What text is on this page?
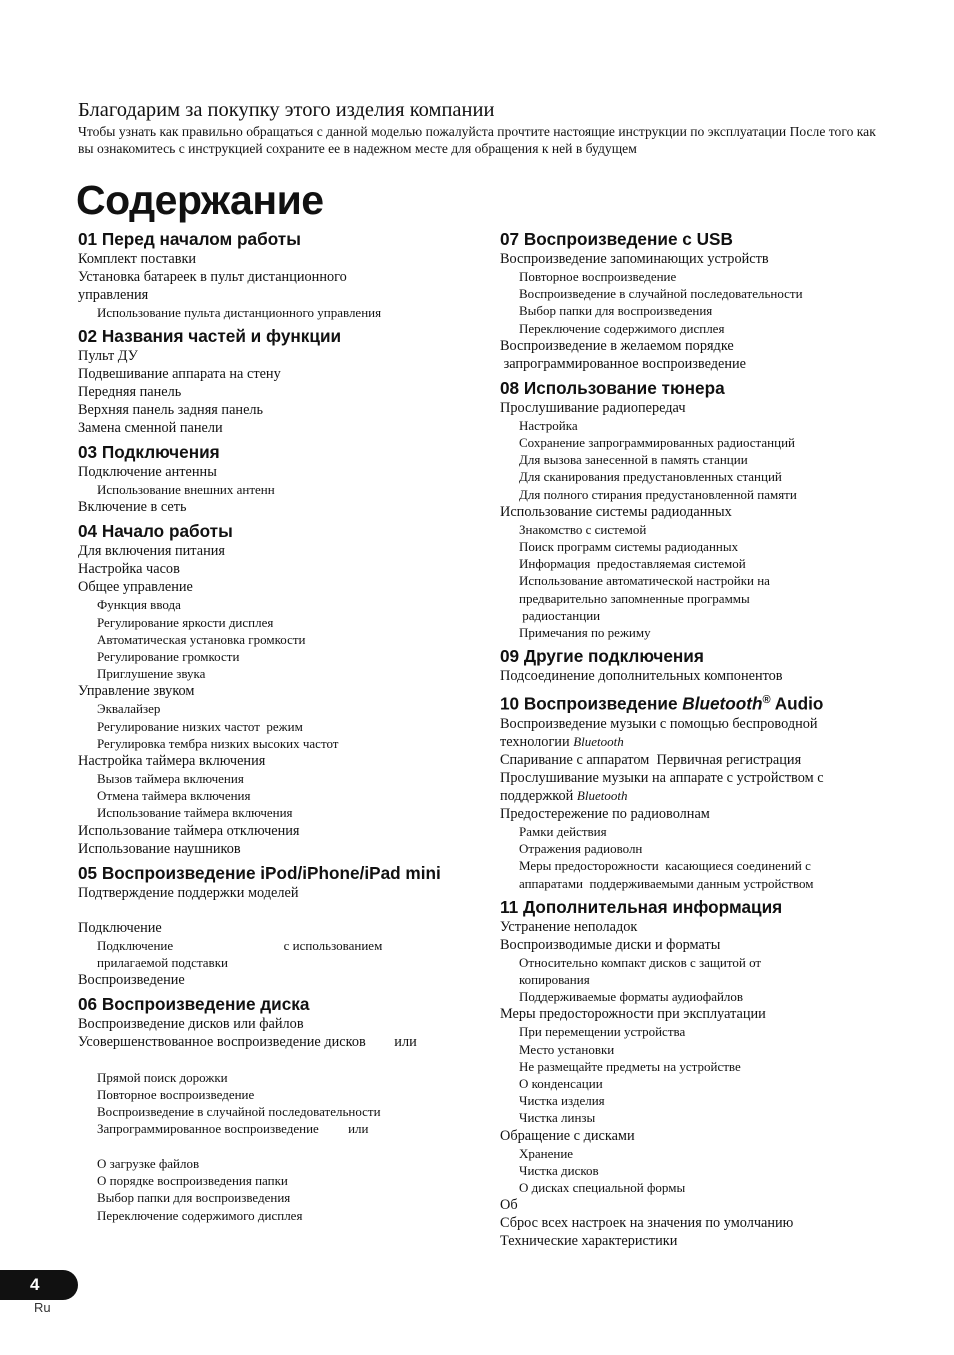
Благодарим за покупку этого изделия компании
Чтобы узнать как правильно обращаться с данной моделью пожалуйста прочтите настоящие инструкции по эксплуатации После того как вы ознакомитесь с инструкцией сохраните ее в надежном месте для обращения к ней в будущем
Содержание
01 Перед началом работы
Комплект поставки
Установка батареек в пульт дистанционного
управления
Использование пульта дистанционного управления
02 Названия частей и функции
Пульт ДУ
Подвешивание аппарата на стену
Передняя панель
Верхняя панель задняя панель
Замена сменной панели
03 Подключения
Подключение антенны
Использование внешних антенн
Включение в сеть
04 Начало работы
Для включения питания
Настройка часов
Общее управление
Функция ввода
Регулирование яркости дисплея
Автоматическая установка громкости
Регулирование громкости
Приглушение звука
Управление звуком
Эквалайзер
Регулирование низких частот  режим
Регулировка тембра низких высоких частот
Настройка таймера включения
Вызов таймера включения
Отмена таймера включения
Использование таймера включения
Использование таймера отключения
Использование наушников
05 Воспроизведение iPod/iPhone/iPad mini
Подтверждение поддержки моделей
Подключение
Подключение                                  с использованием
прилагаемой подставки
Воспроизведение
06 Воспроизведение диска
Воспроизведение дисков или файлов
Усовершенствованное воспроизведение дисков        или
Прямой поиск дорожки
Повторное воспроизведение
Воспроизведение в случайной последовательности
Запрограммированное воспроизведение         или
О загрузке файлов
О порядке воспроизведения папки
Выбор папки для воспроизведения
Переключение содержимого дисплея
07 Воспроизведение с USB
Воспроизведение запоминающих устройств
Повторное воспроизведение
Воспроизведение в случайной последовательности
Выбор папки для воспроизведения
Переключение содержимого дисплея
Воспроизведение в желаемом порядке
запрограммированное воспроизведение
08 Использование тюнера
Прослушивание радиопередач
Настройка
Сохранение запрограммированных радиостанций
Для вызова занесенной в память станции
Для сканирования предустановленных станций
Для полного стирания предустановленной памяти
Использование системы радиоданных
Знакомство с системой
Поиск программ системы радиоданных
Информация  предоставляемая системой
Использование автоматической настройки на
предварительно запомненные программы
радиостанции
Примечания по режиму
09 Другие подключения
Подсоединение дополнительных компонентов
10 Воспроизведение Bluetooth® Audio
Воспроизведение музыки с помощью беспроводной
технологии Bluetooth
Спаривание с аппаратом  Первичная регистрация
Прослушивание музыки на аппарате с устройством с
поддержкой Bluetooth
Предостережение по радиоволнам
Рамки действия
Отражения радиоволн
Меры предосторожности  касающиеся соединений с
аппаратами  поддерживаемыми данным устройством
11 Дополнительная информация
Устранение неполадок
Воспроизводимые диски и форматы
Относительно компакт дисков с защитой от
копирования
Поддерживаемые форматы аудиофайлов
Меры предосторожности при эксплуатации
При перемещении устройства
Место установки
Не размещайте предметы на устройстве
О конденсации
Чистка изделия
Чистка линзы
Обращение с дисками
Хранение
Чистка дисков
О дисках специальной формы
Об
Сброс всех настроек на значения по умолчанию
Технические характеристики
4
Ru
